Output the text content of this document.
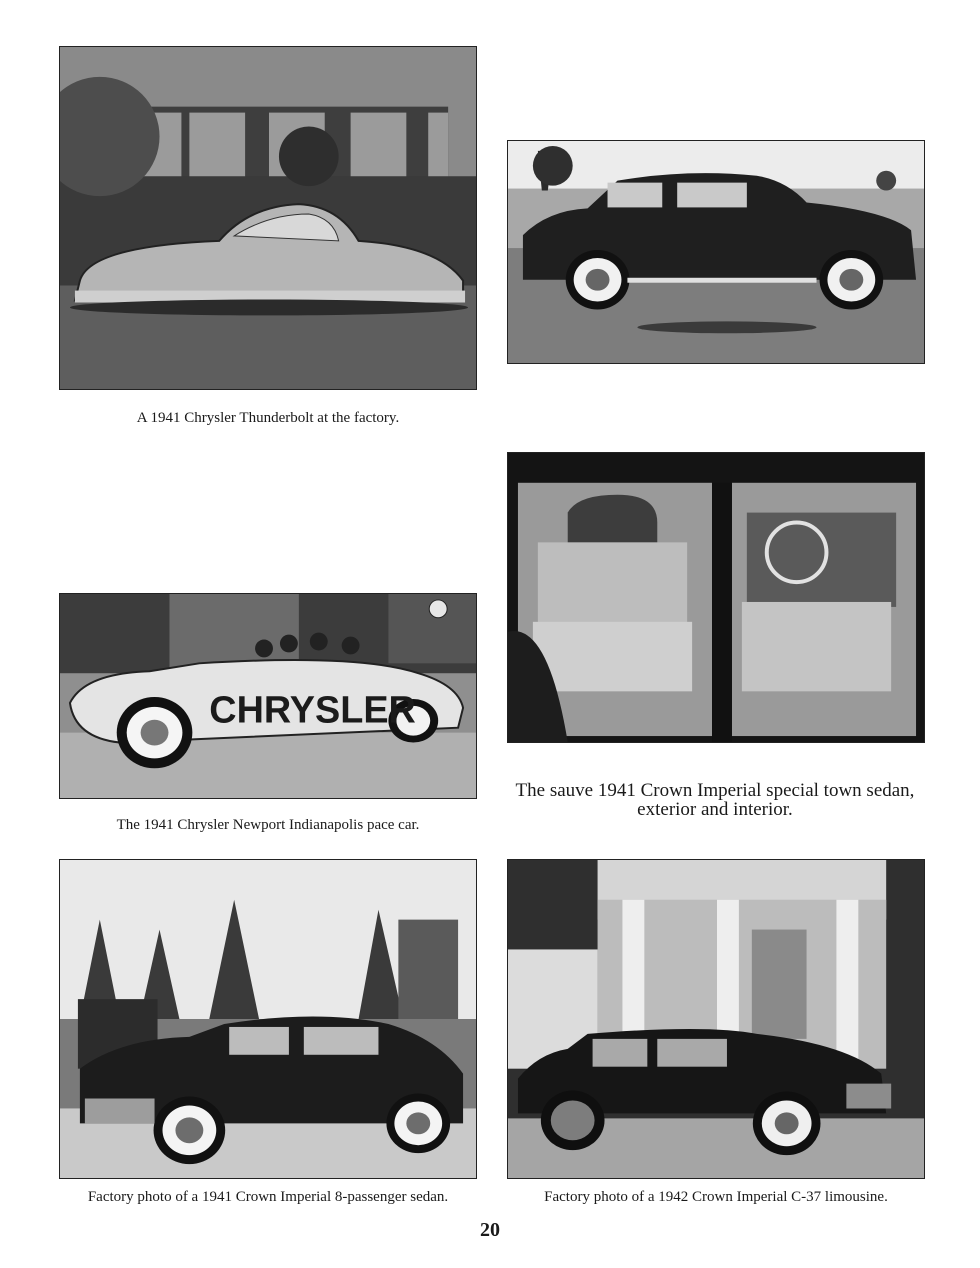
A 1941 Chrysler Thunderbolt at the factory.
The sauve 1941 Crown Imperial special town sedan, exterior and interior.
CHRYSLER
The 1941 Chrysler Newport Indianapolis pace car.
Factory photo of a 1941 Crown Imperial 8-passenger sedan.	Factory photo of a 1942 Crown Imperial C-37 limousine.
20
